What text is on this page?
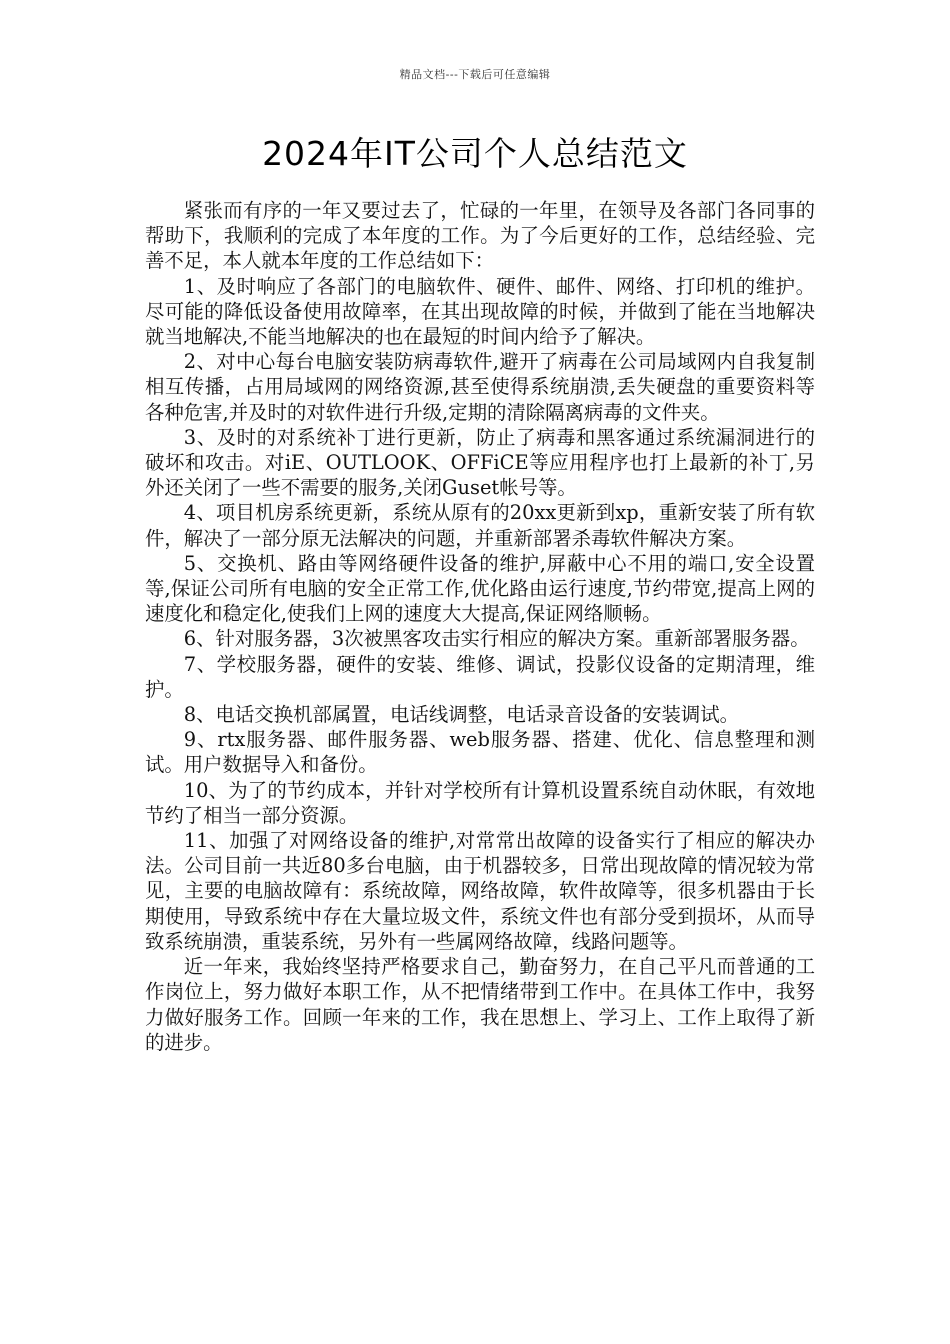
精品文档---下载后可任意编辑
2024年IT公司个人总结范文

紧张而有序的一年又要过去了，忙碌的一年里，在领导及各部门各同事的帮助下，我顺利的完成了本年度的工作。为了今后更好的工作，总结经验、完善不足，本人就本年度的工作总结如下：

1、及时响应了各部门的电脑软件、硬件、邮件、网络、打印机的维护。尽可能的降低设备使用故障率，在其出现故障的时候，并做到了能在当地解决就当地解决,不能当地解决的也在最短的时间内给予了解决。

2、对中心每台电脑安装防病毒软件,避开了病毒在公司局域网内自我复制相互传播，占用局域网的网络资源,甚至使得系统崩溃,丢失硬盘的重要资料等各种危害,并及时的对软件进行升级,定期的清除隔离病毒的文件夹。

3、及时的对系统补丁进行更新，防止了病毒和黑客通过系统漏洞进行的破坏和攻击。对iE、OUTLOOK、OFFiCE等应用程序也打上最新的补丁,另外还关闭了一些不需要的服务,关闭Guset帐号等。

4、项目机房系统更新，系统从原有的20xx更新到xp，重新安装了所有软件，解决了一部分原无法解决的问题，并重新部署杀毒软件解决方案。

5、交换机、路由等网络硬件设备的维护,屏蔽中心不用的端口,安全设置等,保证公司所有电脑的安全正常工作,优化路由运行速度,节约带宽,提高上网的速度化和稳定化,使我们上网的速度大大提高,保证网络顺畅。

6、针对服务器，3次被黑客攻击实行相应的解决方案。重新部署服务器。

7、学校服务器，硬件的安装、维修、调试，投影仪设备的定期清理，维护。

8、电话交换机部属置，电话线调整，电话录音设备的安装调试。

9、rtx服务器、邮件服务器、web服务器、搭建、优化、信息整理和测试。用户数据导入和备份。

10、为了的节约成本，并针对学校所有计算机设置系统自动休眠，有效地节约了相当一部分资源。

11、加强了对网络设备的维护,对常常出故障的设备实行了相应的解决办法。公司目前一共近80多台电脑，由于机器较多，日常出现故障的情况较为常见，主要的电脑故障有：系统故障，网络故障，软件故障等，很多机器由于长期使用，导致系统中存在大量垃圾文件，系统文件也有部分受到损坏，从而导致系统崩溃，重装系统，另外有一些属网络故障，线路问题等。

近一年来，我始终坚持严格要求自己，勤奋努力，在自己平凡而普通的工作岗位上，努力做好本职工作，从不把情绪带到工作中。在具体工作中，我努力做好服务工作。回顾一年来的工作，我在思想上、学习上、工作上取得了新的进步。
